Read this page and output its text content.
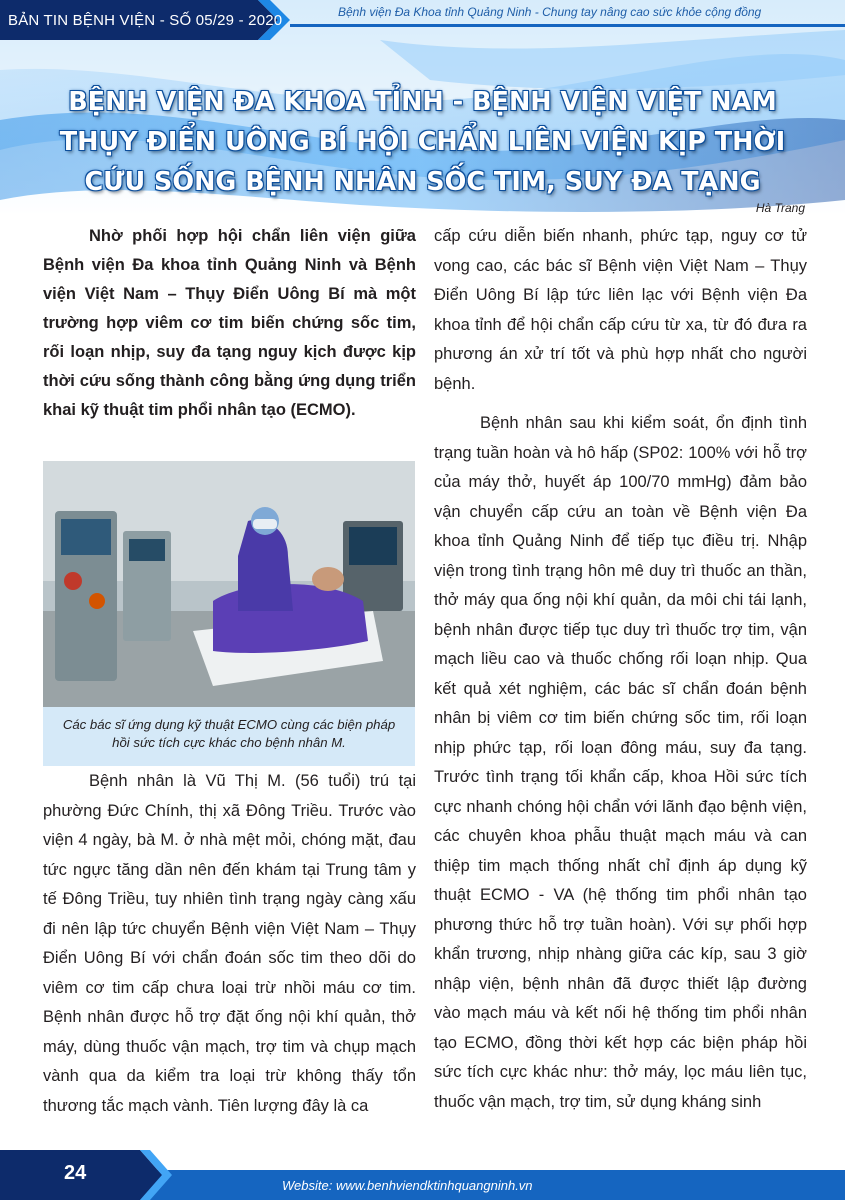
BẢN TIN BỆNH VIỆN - SỐ 05/29 - 2020	Bệnh viện Đa Khoa tỉnh Quảng Ninh - Chung tay nâng cao sức khỏe cộng đồng
BỆNH VIỆN ĐA KHOA TỈNH - BỆNH VIỆN VIỆT NAM
THỤY ĐIỂN UÔNG BÍ HỘI CHẨN LIÊN VIỆN KỊP THỜI
CỨU SỐNG BỆNH NHÂN SỐC TIM, SUY ĐA TẠNG
Hà Trang

Nhờ phối hợp hội chẩn liên viện giữa Bệnh viện Đa khoa tỉnh Quảng Ninh và Bệnh viện Việt Nam – Thụy Điển Uông Bí mà một trường hợp viêm cơ tim biến chứng sốc tim, rối loạn nhịp, suy đa tạng nguy kịch được kịp thời cứu sống thành công bằng ứng dụng triển khai kỹ thuật tim phổi nhân tạo (ECMO).

Bệnh nhân là Vũ Thị M. (56 tuổi) trú tại phường Đức Chính, thị xã Đông Triều. Trước vào viện 4 ngày, bà M. ở nhà mệt mỏi, chóng mặt, đau tức ngực tăng dần nên đến khám tại Trung tâm y tế Đông Triều, tuy nhiên tình trạng ngày càng xấu đi nên lập tức chuyển Bệnh viện Việt Nam – Thụy Điển Uông Bí với chẩn đoán sốc tim theo dõi do viêm cơ tim cấp chưa loại trừ nhồi máu cơ tim. Bệnh nhân được hỗ trợ đặt ống nội khí quản, thở máy, dùng thuốc vận mạch, trợ tim và chụp mạch vành qua da kiểm tra loại trừ không thấy tổn thương tắc mạch vành. Tiên lượng đây là ca

Các bác sĩ ứng dụng kỹ thuật ECMO cùng các biện pháp hồi sức tích cực khác cho bệnh nhân M.

cấp cứu diễn biến nhanh, phức tạp, nguy cơ tử vong cao, các bác sĩ Bệnh viện Việt Nam – Thụy Điển Uông Bí lập tức liên lạc với Bệnh viện Đa khoa tỉnh để hội chẩn cấp cứu từ xa, từ đó đưa ra phương án xử trí tốt và phù hợp nhất cho người bệnh.

Bệnh nhân sau khi kiểm soát, ổn định tình trạng tuần hoàn và hô hấp (SP02: 100% với hỗ trợ của máy thở, huyết áp 100/70 mmHg) đảm bảo vận chuyển cấp cứu an toàn về Bệnh viện Đa khoa tỉnh Quảng Ninh để tiếp tục điều trị. Nhập viện trong tình trạng hôn mê duy trì thuốc an thần, thở máy qua ống nội khí quản, da môi chi tái lạnh, bệnh nhân được tiếp tục duy trì thuốc trợ tim, vận mạch liều cao và thuốc chống rối loạn nhịp. Qua kết quả xét nghiệm, các bác sĩ chẩn đoán bệnh nhân bị viêm cơ tim biến chứng sốc tim, rối loạn nhịp phức tạp, rối loạn đông máu, suy đa tạng. Trước tình trạng tối khẩn cấp, khoa Hồi sức tích cực nhanh chóng hội chẩn với lãnh đạo bệnh viện, các chuyên khoa phẫu thuật mạch máu và can thiệp tim mạch thống nhất chỉ định áp dụng kỹ thuật ECMO - VA (hệ thống tim phổi nhân tạo phương thức hỗ trợ tuần hoàn). Với sự phối hợp khẩn trương, nhịp nhàng giữa các kíp, sau 3 giờ nhập viện, bệnh nhân đã được thiết lập đường vào mạch máu và kết nối hệ thống tim phổi nhân tạo ECMO, đồng thời kết hợp các biện pháp hồi sức tích cực khác như: thở máy, lọc máu liên tục, thuốc vận mạch, trợ tim, sử dụng kháng sinh

24
Website: www.benhviendktinhquangninh.vn
